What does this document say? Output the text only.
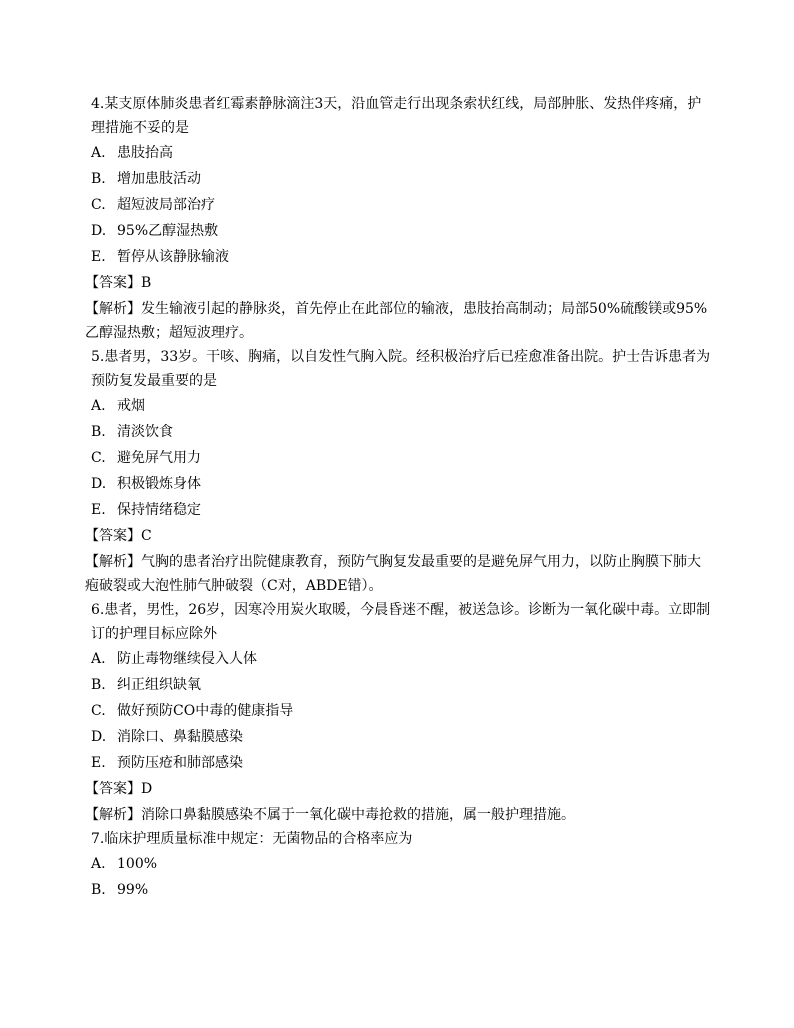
4.某支原体肺炎患者红霉素静脉滴注3天，沿血管走行出现条索状红线，局部肿胀、发热伴疼痛，护理措施不妥的是
A. 患肢抬高
B. 增加患肢活动
C. 超短波局部治疗
D. 95%乙醇湿热敷
E. 暂停从该静脉输液
【答案】B
【解析】发生输液引起的静脉炎，首先停止在此部位的输液，患肢抬高制动；局部50%硫酸镁或95%乙醇湿热敷；超短波理疗。
5.患者男，33岁。干咳、胸痛，以自发性气胸入院。经积极治疗后已痊愈准备出院。护士告诉患者为预防复发最重要的是
A. 戒烟
B. 清淡饮食
C. 避免屏气用力
D. 积极锻炼身体
E. 保持情绪稳定
【答案】C
【解析】气胸的患者治疗出院健康教育，预防气胸复发最重要的是避免屏气用力，以防止胸膜下肺大疱破裂或大泡性肺气肿破裂（C对，ABDE错）。
6.患者，男性，26岁，因寒冷用炭火取暖，今晨昏迷不醒，被送急诊。诊断为一氧化碳中毒。立即制订的护理目标应除外
A. 防止毒物继续侵入人体
B. 纠正组织缺氧
C. 做好预防CO中毒的健康指导
D. 消除口、鼻黏膜感染
E. 预防压疮和肺部感染
【答案】D
【解析】消除口鼻黏膜感染不属于一氧化碳中毒抢救的措施，属一般护理措施。
7.临床护理质量标准中规定：无菌物品的合格率应为
A. 100%
B. 99%
